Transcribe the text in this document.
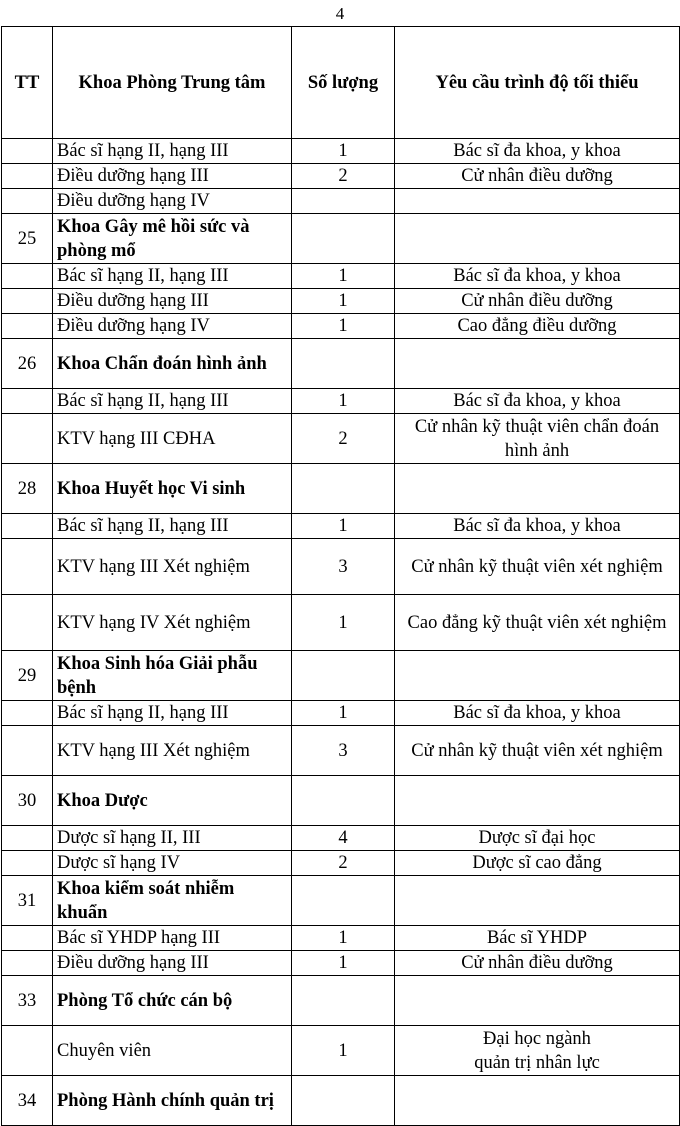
4
TT	Khoa Phòng Trung tâm	Số lượng	Yêu cầu trình độ tối thiểu
	Bác sĩ hạng II, hạng III	1	Bác sĩ đa khoa, y khoa
	Điều dưỡng hạng III	2	Cử nhân điều dưỡng
	Điều dưỡng hạng IV		
25	Khoa Gây mê hồi sức và phòng mổ		
	Bác sĩ hạng II, hạng III	1	Bác sĩ đa khoa, y khoa
	Điều dưỡng hạng III	1	Cử nhân điều dưỡng
	Điều dưỡng hạng IV	1	Cao đẳng điều dưỡng
26	Khoa Chẩn đoán hình ảnh		
	Bác sĩ hạng II, hạng III	1	Bác sĩ đa khoa, y khoa
	KTV hạng III CĐHA	2	Cử nhân kỹ thuật viên chẩn đoán hình ảnh
28	Khoa Huyết học Vi sinh		
	Bác sĩ hạng II, hạng III	1	Bác sĩ đa khoa, y khoa
	KTV hạng III Xét nghiệm	3	Cử nhân kỹ thuật viên xét nghiệm
	KTV hạng IV Xét nghiệm	1	Cao đẳng kỹ thuật viên xét nghiệm
29	Khoa Sinh hóa Giải phẫu bệnh		
	Bác sĩ hạng II, hạng III	1	Bác sĩ đa khoa, y khoa
	KTV hạng III Xét nghiệm	3	Cử nhân kỹ thuật viên xét nghiệm
30	Khoa Dược		
	Dược sĩ hạng II, III	4	Dược sĩ đại học
	Dược sĩ hạng IV	2	Dược sĩ cao đẳng
31	Khoa kiểm soát nhiễm khuẩn		
	Bác sĩ YHDP hạng III	1	Bác sĩ YHDP
	Điều dưỡng hạng III	1	Cử nhân điều dưỡng
33	Phòng Tổ chức cán bộ		
	Chuyên viên	1	Đại học ngành
quản trị nhân lực
34	Phòng Hành chính quản trị		
